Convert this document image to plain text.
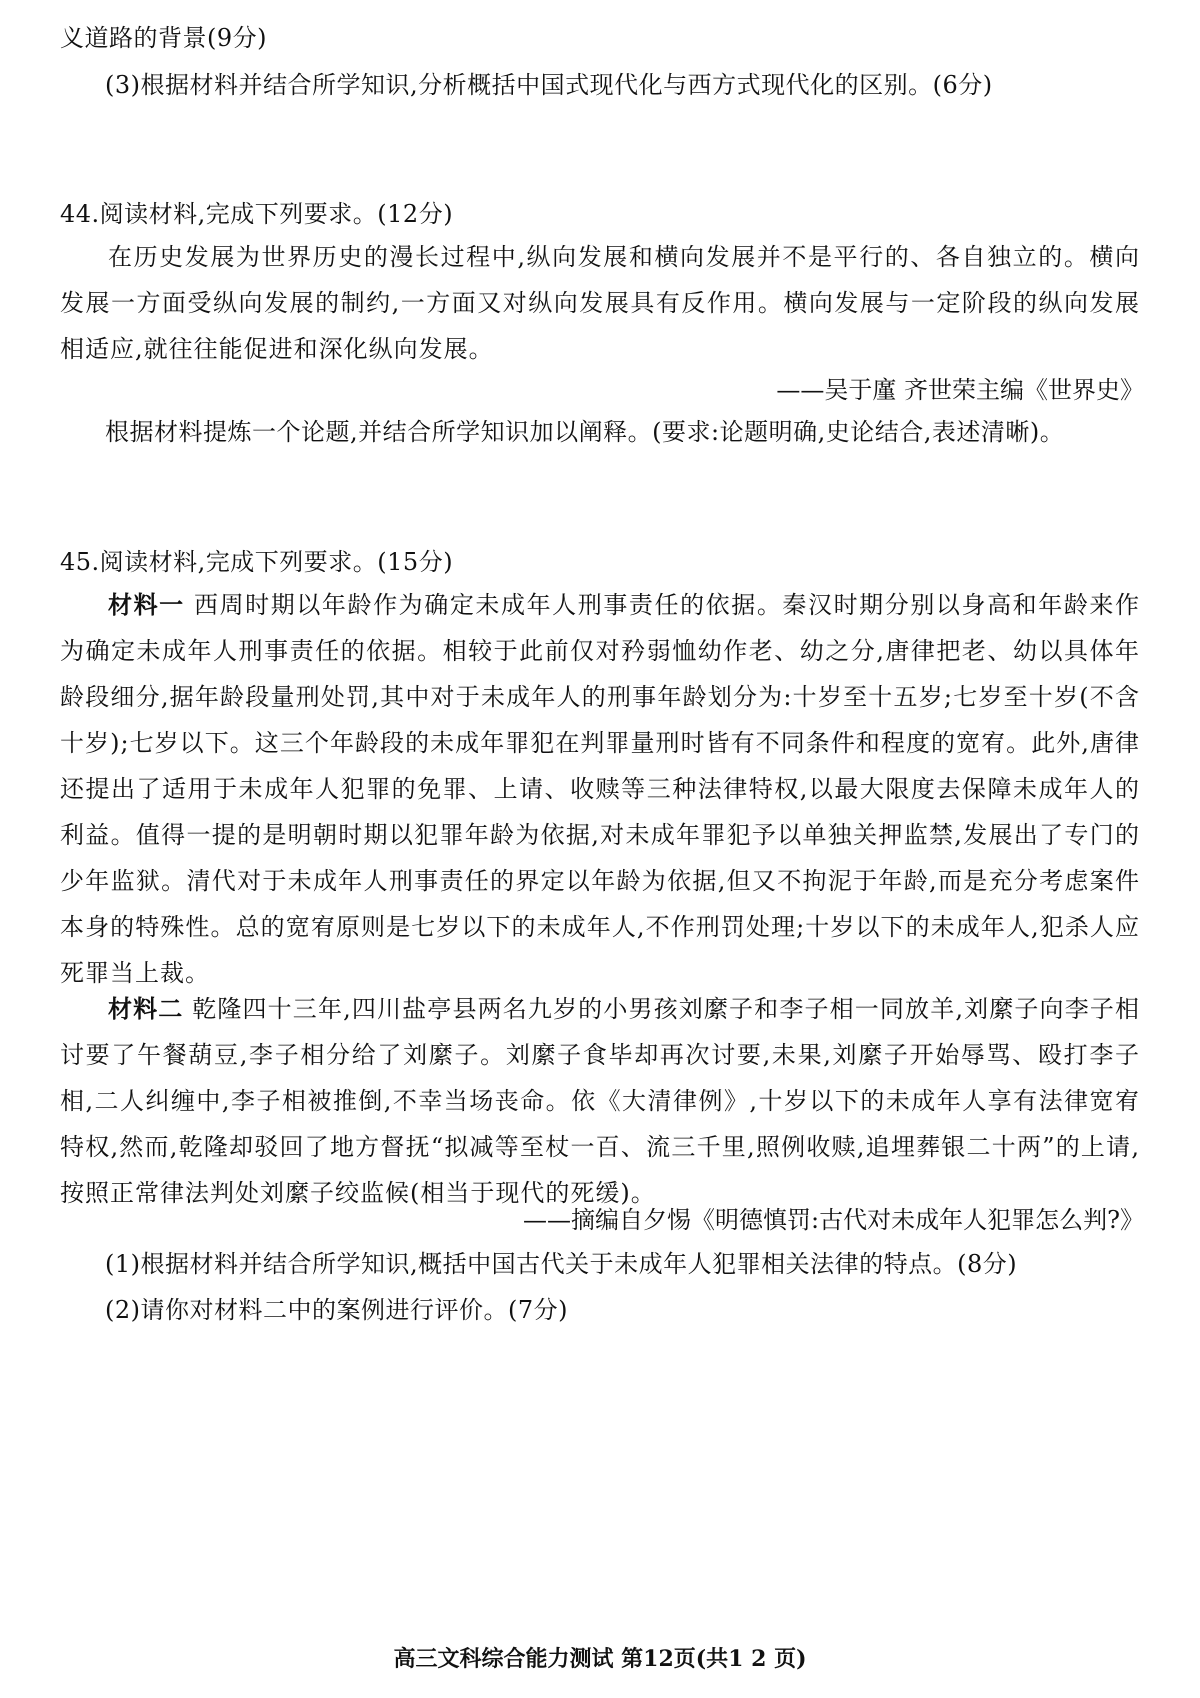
义道路的背景(9分)
(3)根据材料并结合所学知识,分析概括中国式现代化与西方式现代化的区别。(6分)
44.阅读材料,完成下列要求。(12分)
在历史发展为世界历史的漫长过程中,纵向发展和横向发展并不是平行的、各自独立的。横向发展一方面受纵向发展的制约,一方面又对纵向发展具有反作用。横向发展与一定阶段的纵向发展相适应,就往往能促进和深化纵向发展。
——吴于廑 齐世荣主编《世界史》
根据材料提炼一个论题,并结合所学知识加以阐释。(要求:论题明确,史论结合,表述清晰)。
45.阅读材料,完成下列要求。(15分)
材料一 西周时期以年龄作为确定未成年人刑事责任的依据。秦汉时期分别以身高和年龄来作为确定未成年人刑事责任的依据。相较于此前仅对矜弱恤幼作老、幼之分,唐律把老、幼以具体年龄段细分,据年龄段量刑处罚,其中对于未成年人的刑事年龄划分为:十岁至十五岁;七岁至十岁(不含十岁);七岁以下。这三个年龄段的未成年罪犯在判罪量刑时皆有不同条件和程度的宽宥。此外,唐律还提出了适用于未成年人犯罪的免罪、上请、收赎等三种法律特权,以最大限度去保障未成年人的利益。值得一提的是明朝时期以犯罪年龄为依据,对未成年罪犯予以单独关押监禁,发展出了专门的少年监狱。清代对于未成年人刑事责任的界定以年龄为依据,但又不拘泥于年龄,而是充分考虑案件本身的特殊性。总的宽宥原则是七岁以下的未成年人,不作刑罚处理;十岁以下的未成年人,犯杀人应死罪当上裁。
材料二 乾隆四十三年,四川盐亭县两名九岁的小男孩刘縻子和李子相一同放羊,刘縻子向李子相讨要了午餐葫豆,李子相分给了刘縻子。刘縻子食毕却再次讨要,未果,刘縻子开始辱骂、殴打李子相,二人纠缠中,李子相被推倒,不幸当场丧命。依《大清律例》,十岁以下的未成年人享有法律宽宥特权,然而,乾隆却驳回了地方督抚“拟减等至杖一百、流三千里,照例收赎,追埋葬银二十两”的上请,按照正常律法判处刘縻子绞监候(相当于现代的死缓)。
——摘编自夕惕《明德慎罚:古代对未成年人犯罪怎么判?》
(1)根据材料并结合所学知识,概括中国古代关于未成年人犯罪相关法律的特点。(8分)
(2)请你对材料二中的案例进行评价。(7分)
高三文科综合能力测试 第12页(共1 2 页)
